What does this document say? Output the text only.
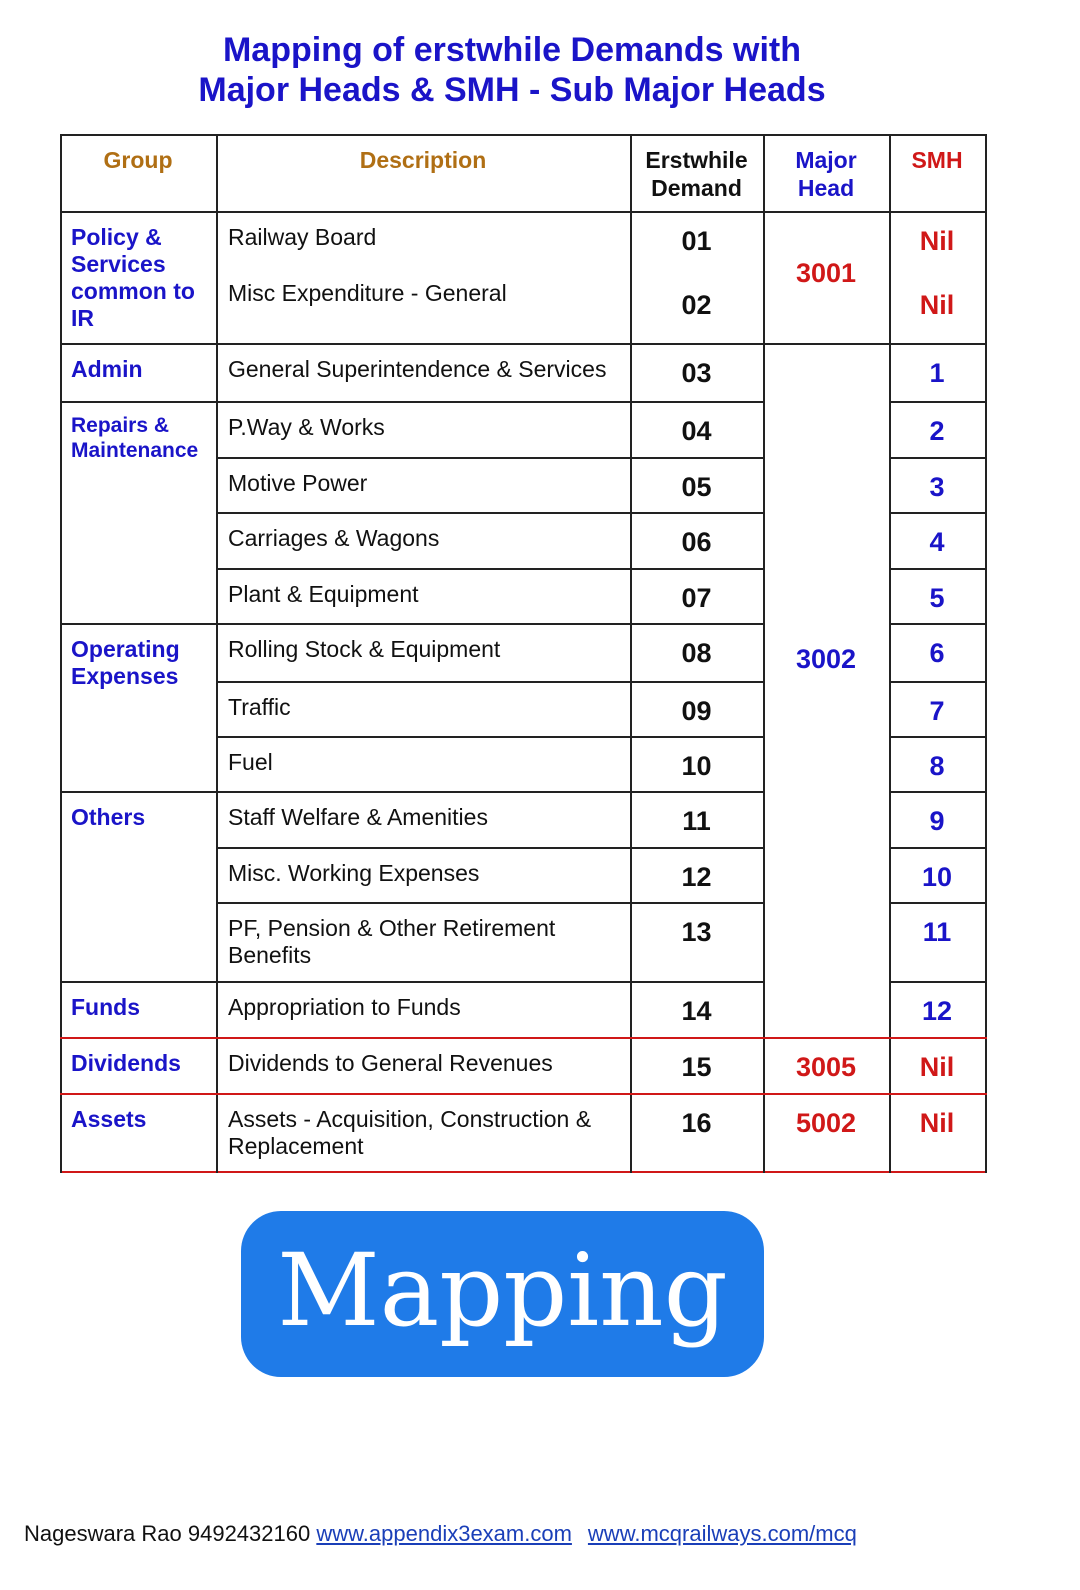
Mapping of erstwhile Demands with
Major Heads & SMH - Sub Major Heads
Group	Description	Erstwhile
Demand
Major
Head
SMH
Policy & Services common to IR
Admin
Repairs & Maintenance
Operating Expenses
Others
Funds
Dividends
Assets
Railway Board
Misc Expenditure - General
General Superintendence & Services
P.Way & Works
Motive Power
Carriages & Wagons
Plant & Equipment
Rolling Stock & Equipment
Traffic
Fuel
Staff Welfare & Amenities
Misc. Working Expenses
PF, Pension & Other Retirement Benefits
Appropriation to Funds
Dividends to General Revenues
Assets - Acquisition, Construction & Replacement
01
02
03
04
05
06
07
08
09
10
11
12
13
14
15
16
3001
3002
3005
5002
Nil
Nil
1
2
3
4
5
6
7
8
9
10
11
12
Nil
Nil
Mapping
Nageswara Rao 9492432160 www.appendix3exam.com www.mcqrailways.com/mcq
